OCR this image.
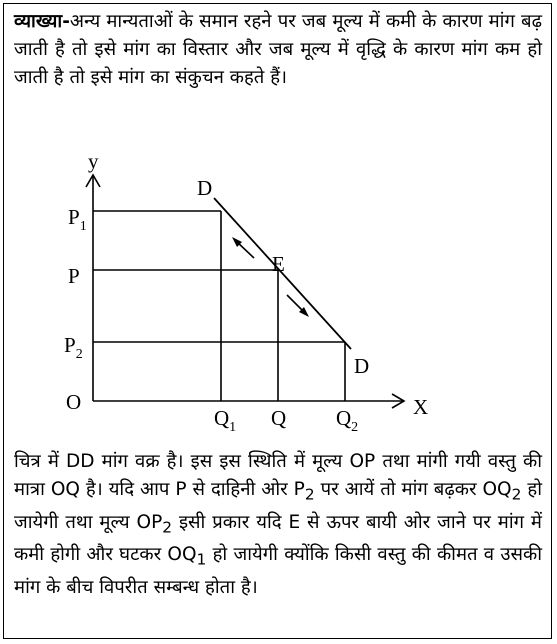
व्याख्या-अन्य मान्यताओं के समान रहने पर जब मूल्य में कमी के कारण मांग बढ़ जाती है तो इसे मांग का विस्तार और जब मूल्य में वृद्धि के कारण मांग कम हो जाती है तो इसे मांग का संकुचन कहते हैं।
y
X
O
$P_1$
P
$P_2$
$Q_1$ Q $Q_2$
D
D
E
चित्र में DD मांग वक्र है। इस इस स्थिति में मूल्य OP तथा मांगी गयी वस्तु की मात्रा OQ है। यदि आप P से दाहिनी ओर $P_2$ पर आयें तो मांग बढ़कर $OQ_2$ हो जायेगी तथा मूल्य $OP_2$ इसी प्रकार यदि E से ऊपर बायी ओर जाने पर मांग में कमी होगी और घटकर $OQ_1$ हो जायेगी क्योंकि किसी वस्तु की कीमत व उसकी मांग के बीच विपरीत सम्बन्ध होता है।
